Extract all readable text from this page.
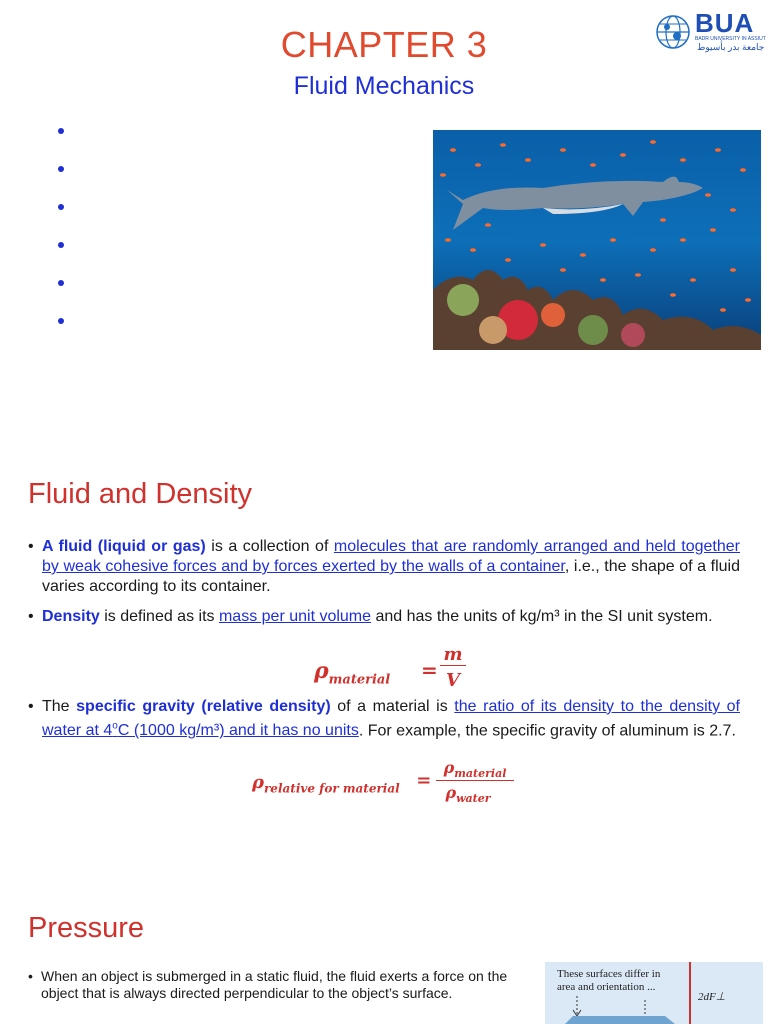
CHAPTER 3
Fluid Mechanics
BUA
BADR UNIVERSITY IN ASSIUT
جامعة بدر بأسيوط
Fluid and Density
• A fluid (liquid or gas) is a collection of molecules that are randomly arranged and held together by weak cohesive forces and by forces exerted by the walls of a container, i.e., the shape of a fluid varies according to its container.
• Density is defined as its mass per unit volume and has the units of kg/m³ in the SI unit system.
$\rho_{material}$ =
m
V
• The specific gravity (relative density) of a material is the ratio of its density to the density of water at 4$^o$C (1000 kg/m³) and it has no units. For example, the specific gravity of aluminum is 2.7.
$\rho_{relative for material}$ =
$\rho_{material}$
$\rho_{water}$
Pressure
• When an object is submerged in a static fluid, the fluid exerts a force on the object that is always directed perpendicular to the object’s surface.
These surfaces differ in area and orientation ...
2dF⊥
